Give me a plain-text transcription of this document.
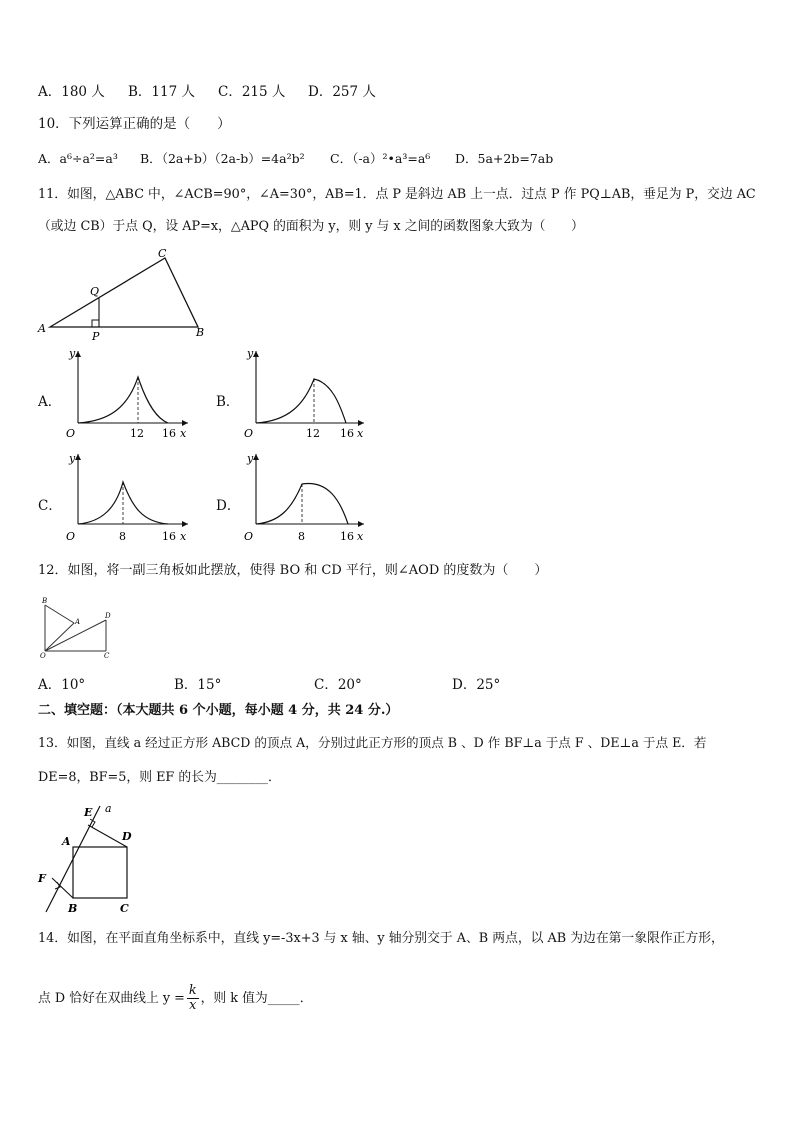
A．180 人 B．117 人 C．215 人 D．257 人
10．下列运算正确的是（　　）
A．a⁶÷a²=a³ B．（2a+b）（2a-b）=4a²b² C．（-a）²•a³=a⁶ D．5a+2b=7ab
11．如图，△ABC 中，∠ACB=90°，∠A=30°，AB=1．点 P 是斜边 AB 上一点．过点 P 作 PQ⊥AB，垂足为 P，交边 AC
（或边 CB）于点 Q，设 AP=x，△APQ 的面积为 y，则 y 与 x 之间的函数图象大致为（　　）
A	B
C
P
Q
A．
y
O	12 16 x
B．
y
O	12 16 x
C．
y
O	8	16 x
D．
y
O	8	16 x
12．如图，将一副三角板如此摆放，使得 BO 和 CD 平行，则∠AOD 的度数为（　　）
B
A
D
O	C
A．10°	B．15°	C．20°	D．25°
二、填空题：（本大题共 6 个小题，每小题 4 分，共 24 分.）
13．如图，直线 a 经过正方形 ABCD 的顶点 A，分别过此正方形的顶点 B 、D 作 BF⊥a 于点 F 、DE⊥a 于点 E．若
DE=8，BF=5，则 EF 的长为________．
E a
A	D
F
B	C
14．如图，在平面直角坐标系中，直线 y=-3x+3 与 x 轴、y 轴分别交于 A、B 两点，以 AB 为边在第一象限作正方形，
点 D 恰好在双曲线上 $y = \frac{k}{x}$ ，则 k 值为_____．
